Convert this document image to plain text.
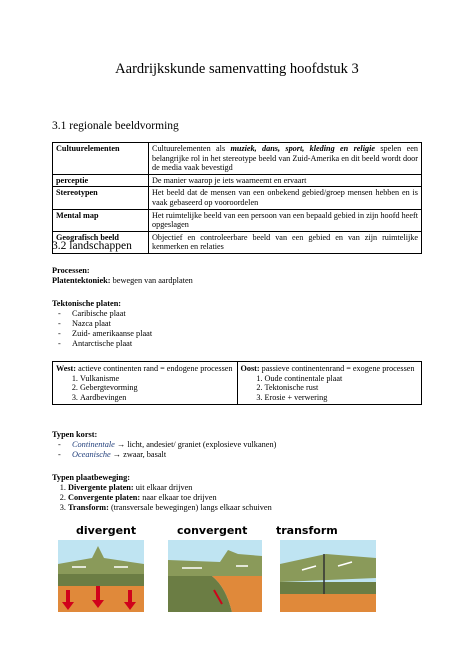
Aardrijkskunde samenvatting hoofdstuk 3
3.1 regionale beeldvorming
Cultuurelementen	Cultuurelementen als muziek, dans, sport, kleding en religie spelen een belangrijke rol in het stereotype beeld van Zuid-Amerika en dit beeld wordt door de media vaak bevestigd
perceptie	De manier waarop je iets waarneemt en ervaart
Stereotypen	Het beeld dat de mensen van een onbekend gebied/groep mensen hebben en is vaak gebaseerd op vooroordelen
Mental map	Het ruimtelijke beeld van een persoon van een bepaald gebied in zijn hoofd heeft opgeslagen
Geografisch beeld	Objectief en controleerbare beeld van een gebied en van zijn ruimtelijke kenmerken en relaties
3.2 landschappen
Processen:
Platentektoniek: bewegen van aardplaten
Tektonische platen:
- Caribische plaat
- Nazca plaat
- Zuid- amerikaanse plaat
- Antarctische plaat
West: actieve continenten rand = endogene processen
1. Vulkanisme
2. Gebergtevorming
3. Aardbevingen

Oost: passieve continentenrand = exogene processen
1. Oude continentale plaat
2. Tektonische rust
3. Erosie + verwering
Typen korst:
- Continentale → licht, andesiet/ graniet (explosieve vulkanen)
- Oceanische → zwaar, basalt
Typen plaatbeweging:
1. Divergente platen: uit elkaar drijven
2. Convergente platen: naar elkaar toe drijven
3. Transform: (transversale bewegingen) langs elkaar schuiven
divergent	convergent	transform
